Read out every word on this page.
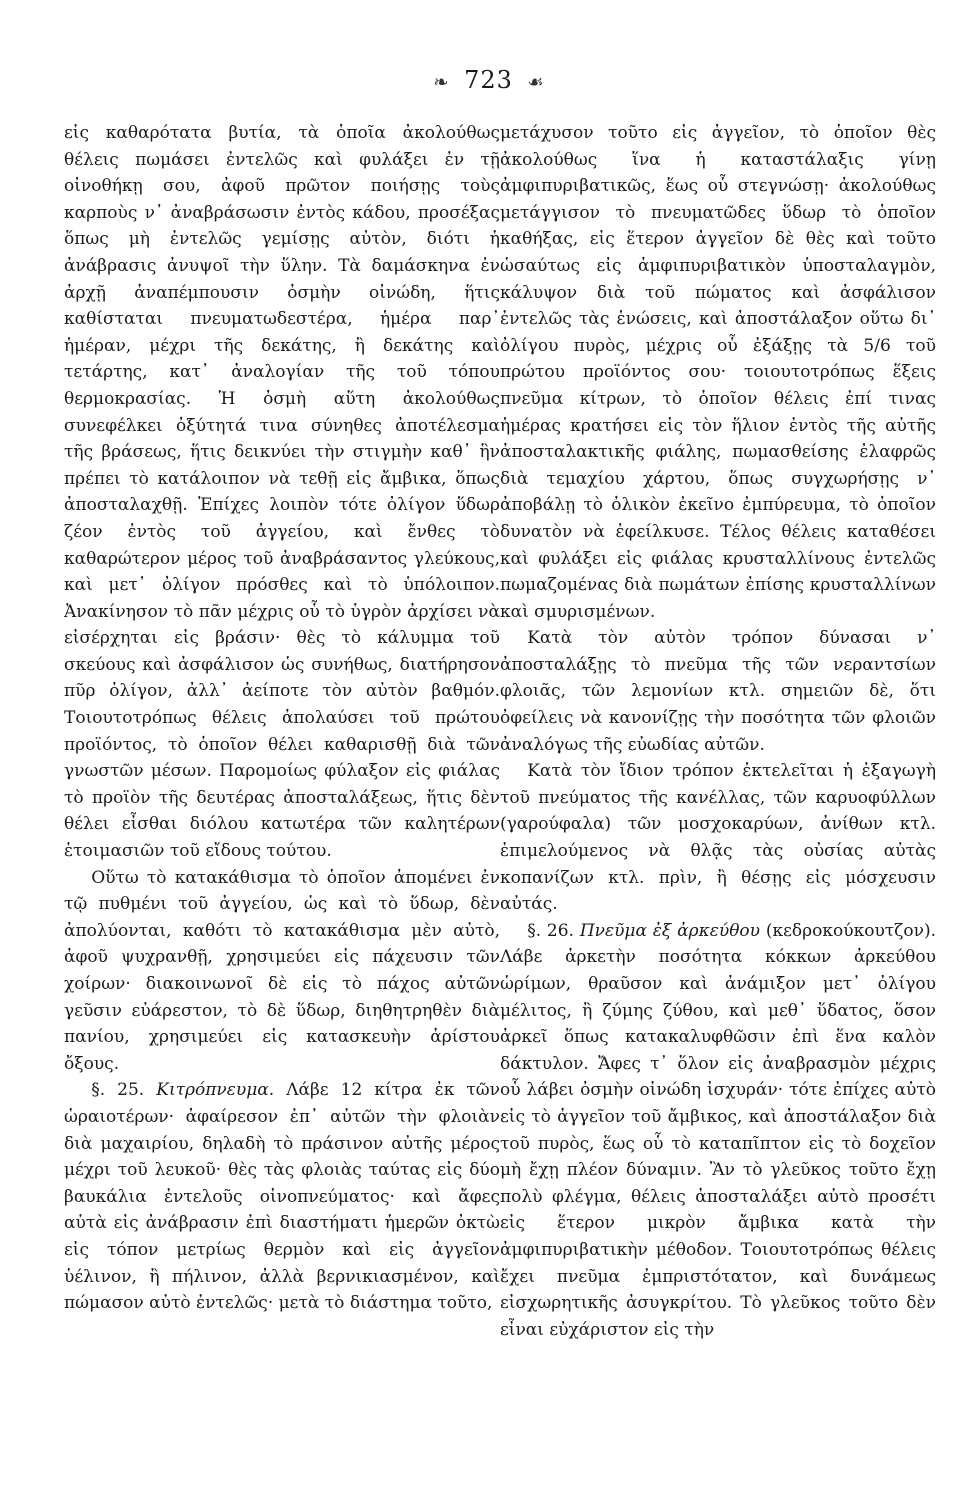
❧ 723 ☙

εἰς καθαρότατα βυτία, τὰ ὁποῖα ἀκολούθως θέλεις πωμάσει ἐντελῶς καὶ φυλάξει ἐν τῇ οἰνοθήκῃ σου, ἀφοῦ πρῶτον ποιήσῃς τοὺς καρποὺς ν᾽ ἀναβράσωσιν ἐντὸς κάδου, προσέξας ὅπως μὴ ἐντελῶς γεμίσῃς αὐτὸν, διότι ἡ ἀνάβρασις ἀνυψοῖ τὴν ὕλην. Τὰ δαμάσκηνα ἐν ἀρχῇ ἀναπέμπουσιν ὀσμὴν οἰνώδη, ἥτις καθίσταται πνευματωδεστέρα, ἡμέρα παρ᾽ ἡμέραν, μέχρι τῆς δεκάτης, ἢ δεκάτης καὶ τετάρτης, κατ᾽ ἀναλογίαν τῆς τοῦ τόπου θερμοκρασίας. Ἡ ὀσμὴ αὕτη ἀκολούθως συνεφέλκει ὀξύτητά τινα σύνηθες ἀποτέλεσμα τῆς βράσεως, ἥτις δεικνύει τὴν στιγμὴν καθ᾽ ἣν πρέπει τὸ κατάλοιπον νὰ τεθῇ εἰς ἄμβικα, ὅπως ἀποσταλαχθῇ. Ἐπίχες λοιπὸν τότε ὀλίγον ὕδωρ ζέον ἐντὸς τοῦ ἀγγείου, καὶ ἔνθες τὸ καθαρώτερον μέρος τοῦ ἀναβράσαντος γλεύκους, καὶ μετ᾽ ὀλίγον πρόσθες καὶ τὸ ὑπόλοιπον. Ἀνακίνησον τὸ πᾶν μέχρις οὗ τὸ ὑγρὸν ἀρχίσει νὰ εἰσέρχηται εἰς βράσιν· θὲς τὸ κάλυμμα τοῦ σκεύους καὶ ἀσφάλισον ὡς συνήθως, διατήρησον πῦρ ὀλίγον, ἀλλ᾽ ἀείποτε τὸν αὐτὸν βαθμόν. Τοιουτοτρόπως θέλεις ἀπολαύσει τοῦ πρώτου προϊόντος, τὸ ὁποῖον θέλει καθαρισθῇ διὰ τῶν γνωστῶν μέσων. Παρομοίως φύλαξον εἰς φιάλας τὸ προϊὸν τῆς δευτέρας ἀποσταλάξεως, ἥτις δὲν θέλει εἶσθαι διόλου κατωτέρα τῶν καλητέρων ἑτοιμασιῶν τοῦ εἴδους τούτου.

Οὕτω τὸ κατακάθισμα τὸ ὁποῖον ἀπομένει ἐν τῷ πυθμένι τοῦ ἀγγείου, ὡς καὶ τὸ ὕδωρ, δὲν ἀπολύονται, καθότι τὸ κατακάθισμα μὲν αὐτὸ, ἀφοῦ ψυχρανθῇ, χρησιμεύει εἰς πάχευσιν τῶν χοίρων· διακοινωνοῖ δὲ εἰς τὸ πάχος αὐτῶν γεῦσιν εὐάρεστον, τὸ δὲ ὕδωρ, διηθητρηθὲν διὰ πανίου, χρησιμεύει εἰς κατασκευὴν ἀρίστου ὄξους.

§. 25. Κιτρόπνευμα. Λάβε 12 κίτρα ἐκ τῶν ὡραιοτέρων· ἀφαίρεσον ἐπ᾽ αὐτῶν τὴν φλοιὰν διὰ μαχαιρίου, δηλαδὴ τὸ πράσινον αὐτῆς μέρος μέχρι τοῦ λευκοῦ· θὲς τὰς φλοιὰς ταύτας εἰς δύο βαυκάλια ἐντελοῦς οἰνοπνεύματος· καὶ ἄφες αὐτὰ εἰς ἀνάβρασιν ἐπὶ διαστήματι ἡμερῶν ὀκτὼ εἰς τόπον μετρίως θερμὸν καὶ εἰς ἀγγεῖον ὑέλινον, ἢ πήλινον, ἀλλὰ βερνικιασμένον, καὶ πώμασον αὐτὸ ἐντελῶς· μετὰ τὸ διάστημα τοῦτο,

μετάχυσον τοῦτο εἰς ἀγγεῖον, τὸ ὁποῖον θὲς ἀκολούθως ἵνα ἡ καταστάλαξις γίνῃ ἀμφιπυριβατικῶς, ἕως οὗ στεγνώσῃ· ἀκολούθως μετάγγισον τὸ πνευματῶδες ὕδωρ τὸ ὁποῖον καθήξας, εἰς ἕτερον ἀγγεῖον δὲ θὲς καὶ τοῦτο ὡσαύτως εἰς ἀμφιπυριβατικὸν ὑποσταλαγμὸν, κάλυψον διὰ τοῦ πώματος καὶ ἀσφάλισον ἐντελῶς τὰς ἑνώσεις, καὶ ἀποστάλαξον οὕτω δι᾽ ὀλίγου πυρὸς, μέχρις οὗ ἐξάξῃς τὰ 5/6 τοῦ πρώτου προϊόντος σου· τοιουτοτρόπως ἕξεις πνεῦμα κίτρων, τὸ ὁποῖον θέλεις ἐπί τινας ἡμέρας κρατήσει εἰς τὸν ἥλιον ἐντὸς τῆς αὐτῆς ἀποσταλακτικῆς φιάλης, πωμασθείσης ἐλαφρῶς διὰ τεμαχίου χάρτου, ὅπως συγχωρήσῃς ν᾽ ἀποβάλῃ τὸ ὀλικὸν ἐκεῖνο ἐμπύρευμα, τὸ ὁποῖον δυνατὸν νὰ ἐφείλκυσε. Τέλος θέλεις καταθέσει καὶ φυλάξει εἰς φιάλας κρυσταλλίνους ἐντελῶς πωμαζομένας διὰ πωμάτων ἐπίσης κρυσταλλίνων καὶ σμυρισμένων.

Κατὰ τὸν αὐτὸν τρόπον δύνασαι ν᾽ ἀποσταλάξῃς τὸ πνεῦμα τῆς τῶν νεραντσίων φλοιᾶς, τῶν λεμονίων κτλ. σημειῶν δὲ, ὅτι ὀφείλεις νὰ κανονίζῃς τὴν ποσότητα τῶν φλοιῶν ἀναλόγως τῆς εὐωδίας αὐτῶν.

Κατὰ τὸν ἴδιον τρόπον ἐκτελεῖται ἡ ἐξαγωγὴ τοῦ πνεύματος τῆς κανέλλας, τῶν καρυοφύλλων (γαρούφαλα) τῶν μοσχοκαρύων, ἀνίθων κτλ. ἐπιμελούμενος νὰ θλᾷς τὰς οὐσίας αὐτὰς κοπανίζων κτλ. πρὶν, ἢ θέσῃς εἰς μόσχευσιν αὐτάς.

§. 26. Πνεῦμα ἐξ ἀρκεύθου (κεδροκούκουτζον). Λάβε ἀρκετὴν ποσότητα κόκκων ἀρκεύθου ὡρίμων, θραῦσον καὶ ἀνάμιξον μετ᾽ ὀλίγου μέλιτος, ἢ ζύμης ζύθου, καὶ μεθ᾽ ὕδατος, ὅσον ἀρκεῖ ὅπως κατακαλυφθῶσιν ἐπὶ ἕνα καλὸν δάκτυλον. Ἄφες τ᾽ ὅλον εἰς ἀναβρασμὸν μέχρις οὗ λάβει ὀσμὴν οἰνώδη ἰσχυράν· τότε ἐπίχες αὐτὸ εἰς τὸ ἀγγεῖον τοῦ ἄμβικος, καὶ ἀποστάλαξον διὰ τοῦ πυρὸς, ἕως οὗ τὸ καταπῖπτον εἰς τὸ δοχεῖον μὴ ἔχῃ πλέον δύναμιν. Ἂν τὸ γλεῦκος τοῦτο ἔχῃ πολὺ φλέγμα, θέλεις ἀποσταλάξει αὐτὸ προσέτι εἰς ἕτερον μικρὸν ἄμβικα κατὰ τὴν ἀμφιπυριβατικὴν μέθοδον. Τοιουτοτρόπως θέλεις ἔχει πνεῦμα ἐμπριστότατον, καὶ δυνάμεως εἰσχωρητικῆς ἀσυγκρίτου. Τὸ γλεῦκος τοῦτο δὲν εἶναι εὐχάριστον εἰς τὴν
